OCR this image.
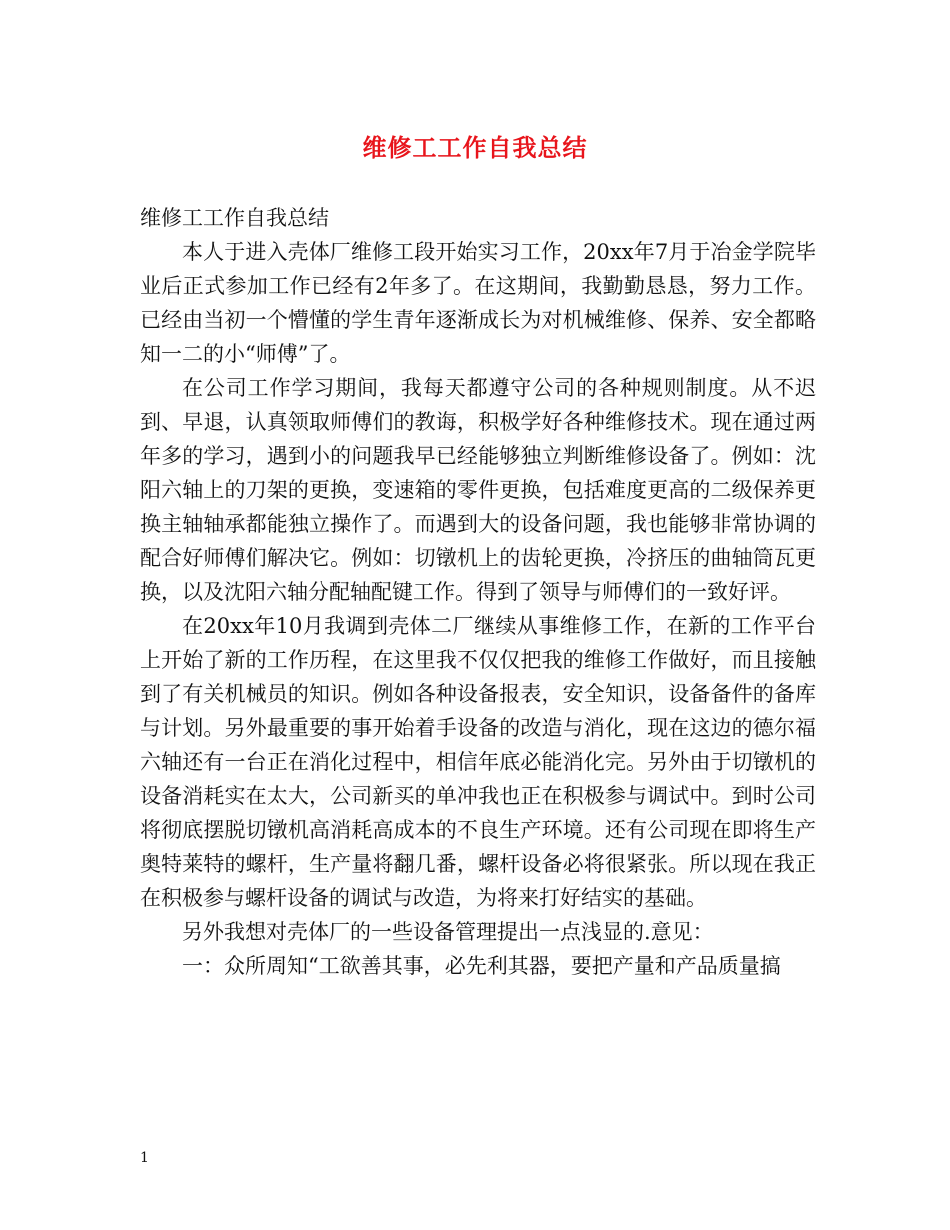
维修工工作自我总结

维修工工作自我总结

本人于进入壳体厂维修工段开始实习工作，20xx年7月于冶金学院毕业后正式参加工作已经有2年多了。在这期间，我勤勤恳恳，努力工作。已经由当初一个懵懂的学生青年逐渐成长为对机械维修、保养、安全都略知一二的小“师傅”了。

在公司工作学习期间，我每天都遵守公司的各种规则制度。从不迟到、早退，认真领取师傅们的教诲，积极学好各种维修技术。现在通过两年多的学习，遇到小的问题我早已经能够独立判断维修设备了。例如：沈阳六轴上的刀架的更换，变速箱的零件更换，包括难度更高的二级保养更换主轴轴承都能独立操作了。而遇到大的设备问题，我也能够非常协调的配合好师傅们解决它。例如：切镦机上的齿轮更换，冷挤压的曲轴筒瓦更换，以及沈阳六轴分配轴配键工作。得到了领导与师傅们的一致好评。

在20xx年10月我调到壳体二厂继续从事维修工作，在新的工作平台上开始了新的工作历程，在这里我不仅仅把我的维修工作做好，而且接触到了有关机械员的知识。例如各种设备报表，安全知识，设备备件的备库与计划。另外最重要的事开始着手设备的改造与消化，现在这边的德尔福六轴还有一台正在消化过程中，相信年底必能消化完。另外由于切镦机的设备消耗实在太大，公司新买的单冲我也正在积极参与调试中。到时公司将彻底摆脱切镦机高消耗高成本的不良生产环境。还有公司现在即将生产奥特莱特的螺杆，生产量将翻几番，螺杆设备必将很紧张。所以现在我正在积极参与螺杆设备的调试与改造，为将来打好结实的基础。

另外我想对壳体厂的一些设备管理提出一点浅显的.意见：

一：众所周知“工欲善其事，必先利其器，要把产量和产品质量搞

1
